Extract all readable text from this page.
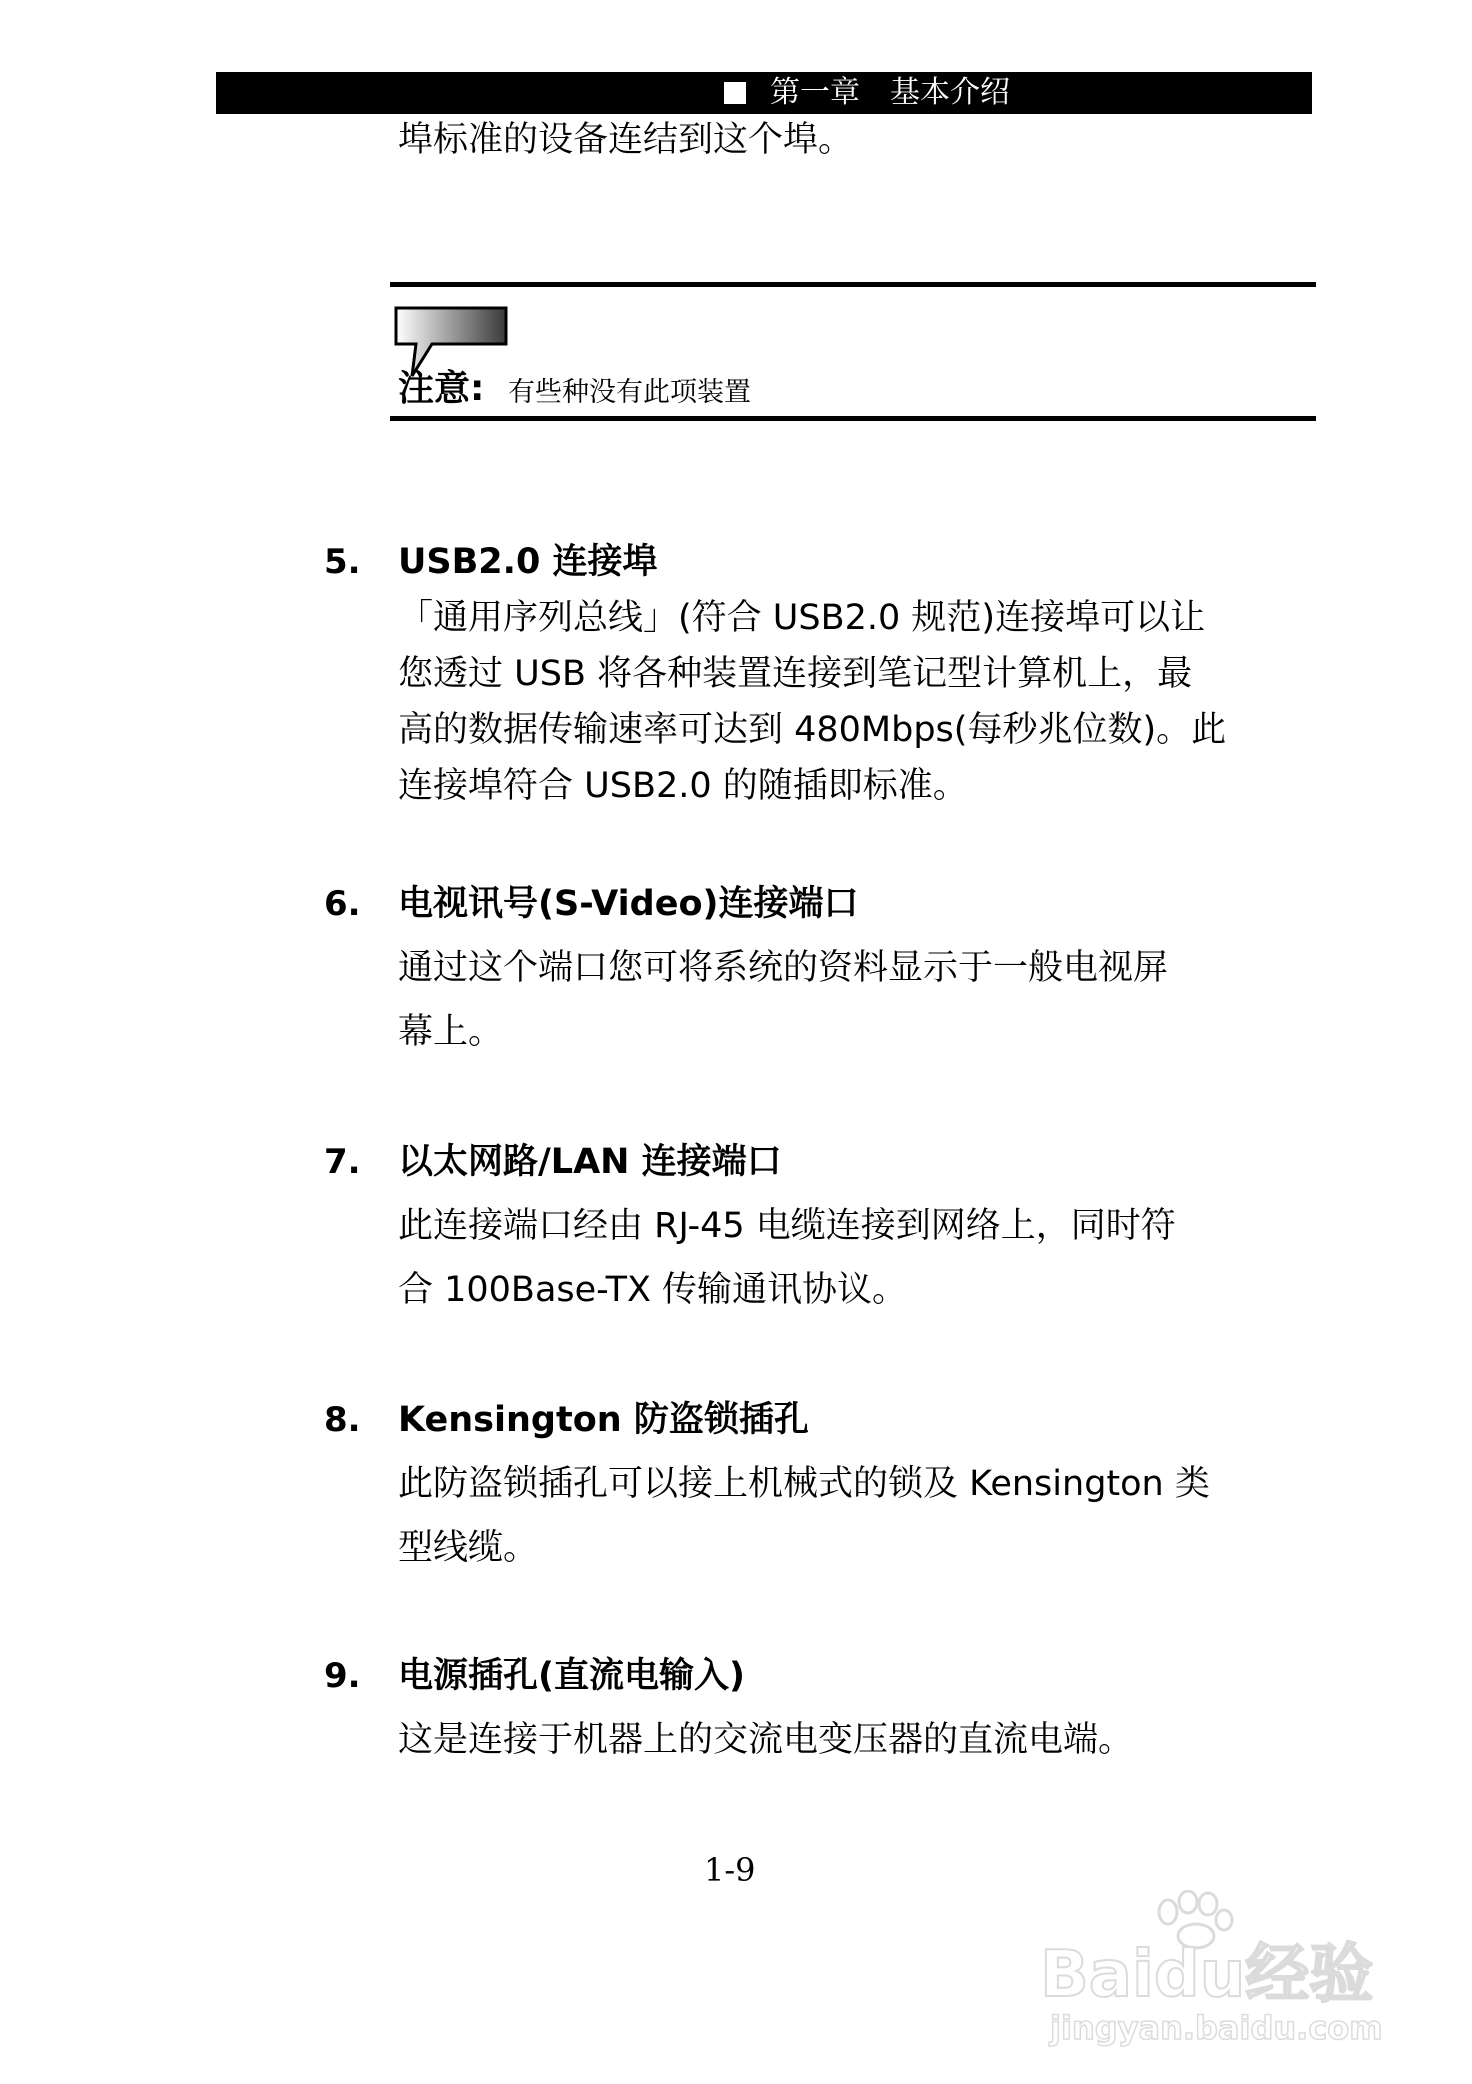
第一章　基本介绍
埠标准的设备连结到这个埠。
注意: 有些种没有此项装置
5. USB2.0 连接埠
「通用序列总线」(符合 USB2.0 规范)连接埠可以让
您透过 USB 将各种装置连接到笔记型计算机上，最
高的数据传输速率可达到 480Mbps(每秒兆位数)。此
连接埠符合 USB2.0 的随插即标准。
6. 电视讯号(S-Video)连接端口
通过这个端口您可将系统的资料显示于一般电视屏
幕上。
7. 以太网路/LAN 连接端口
此连接端口经由 RJ-45 电缆连接到网络上，同时符
合 100Base-TX 传输通讯协议。
8. Kensington 防盗锁插孔
此防盗锁插孔可以接上机械式的锁及 Kensington 类
型线缆。
9. 电源插孔(直流电输入)
这是连接于机器上的交流电变压器的直流电端。
1-9
Baidu经验
jingyan.baidu.com
